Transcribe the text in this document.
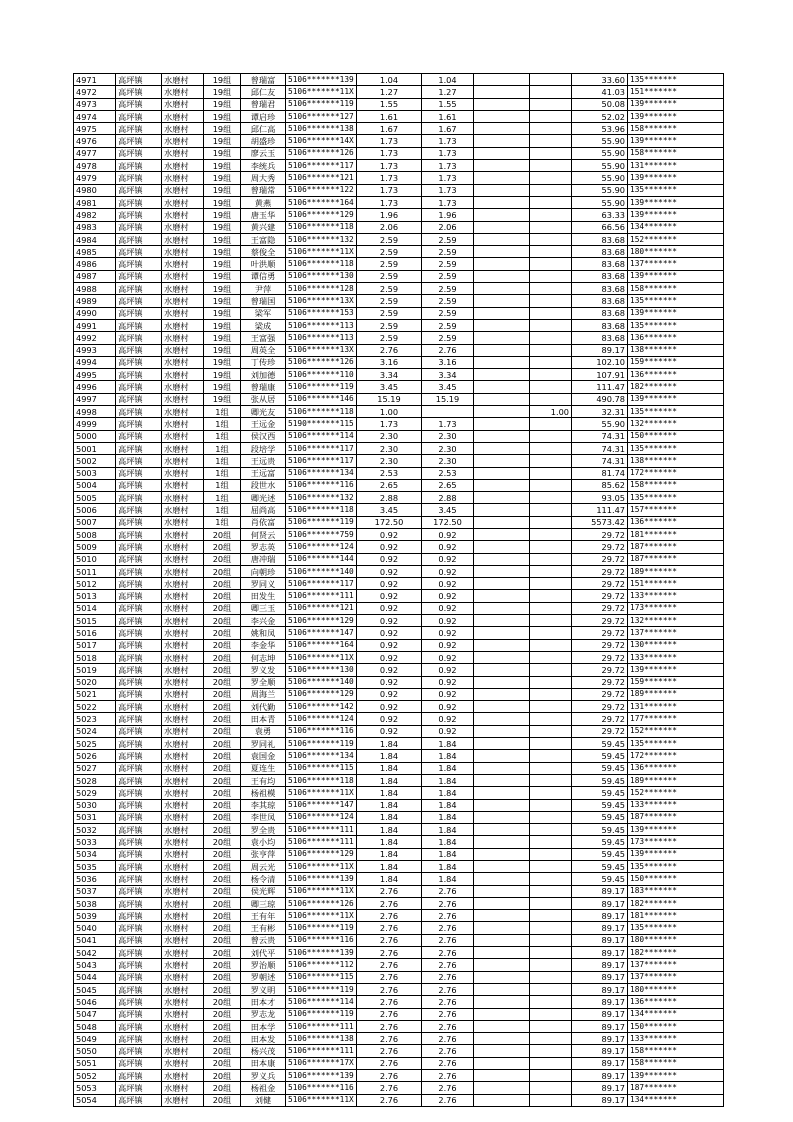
4971	高坪镇	水磨村	19组	曾瑞富	5106*******139	1.04	1.04			33.60	135*******
4972	高坪镇	水磨村	19组	邱仁友	5106*******11X	1.27	1.27			41.03	151*******
4973	高坪镇	水磨村	19组	曾瑞君	5106*******119	1.55	1.55			50.08	139*******
4974	高坪镇	水磨村	19组	谭启珍	5106*******127	1.61	1.61			52.02	139*******
4975	高坪镇	水磨村	19组	邱仁高	5106*******138	1.67	1.67			53.96	158*******
4976	高坪镇	水磨村	19组	胡盛珍	5106*******14X	1.73	1.73			55.90	139*******
4977	高坪镇	水磨村	19组	廖云玉	5106*******126	1.73	1.73			55.90	158*******
4978	高坪镇	水磨村	19组	李统兵	5106*******117	1.73	1.73			55.90	131*******
4979	高坪镇	水磨村	19组	周大秀	5106*******121	1.73	1.73			55.90	139*******
4980	高坪镇	水磨村	19组	曾瑞常	5106*******122	1.73	1.73			55.90	135*******
4981	高坪镇	水磨村	19组	黄燕	5106*******164	1.73	1.73			55.90	139*******
4982	高坪镇	水磨村	19组	唐玉华	5106*******129	1.96	1.96			63.33	139*******
4983	高坪镇	水磨村	19组	黄兴建	5106*******118	2.06	2.06			66.56	134*******
4984	高坪镇	水磨村	19组	王富隐	5106*******132	2.59	2.59			83.68	152*******
4985	高坪镇	水磨村	19组	蔡俊全	5106*******11X	2.59	2.59			83.68	180*******
4986	高坪镇	水磨村	19组	叶洪顺	5106*******118	2.59	2.59			83.68	137*******
4987	高坪镇	水磨村	19组	谭信勇	5106*******130	2.59	2.59			83.68	139*******
4988	高坪镇	水磨村	19组	尹萍	5106*******128	2.59	2.59			83.68	158*******
4989	高坪镇	水磨村	19组	曾瑞国	5106*******13X	2.59	2.59			83.68	135*******
4990	高坪镇	水磨村	19组	梁军	5106*******153	2.59	2.59			83.68	139*******
4991	高坪镇	水磨村	19组	梁成	5106*******113	2.59	2.59			83.68	135*******
4992	高坪镇	水磨村	19组	王富强	5106*******113	2.59	2.59			83.68	136*******
4993	高坪镇	水磨村	19组	周英全	5106*******13X	2.76	2.76			89.17	138*******
4994	高坪镇	水磨村	19组	丁传珍	5106*******126	3.16	3.16			102.10	159*******
4995	高坪镇	水磨村	19组	刘加德	5106*******110	3.34	3.34			107.91	136*******
4996	高坪镇	水磨村	19组	曾瑞康	5106*******119	3.45	3.45			111.47	182*******
4997	高坪镇	水磨村	19组	张从居	5106*******146	15.19	15.19			490.78	139*******
4998	高坪镇	水磨村	1组	卿光友	5106*******118	1.00			1.00	32.31	135*******
4999	高坪镇	水磨村	1组	王远金	5190*******115	1.73	1.73			55.90	132*******
5000	高坪镇	水磨村	1组	侯汉西	5106*******114	2.30	2.30			74.31	150*******
5001	高坪镇	水磨村	1组	段培学	5106*******117	2.30	2.30			74.31	135*******
5002	高坪镇	水磨村	1组	王远贵	5106*******117	2.30	2.30			74.31	138*******
5003	高坪镇	水磨村	1组	王远富	5106*******134	2.53	2.53			81.74	172*******
5004	高坪镇	水磨村	1组	段世水	5106*******116	2.65	2.65			85.62	158*******
5005	高坪镇	水磨村	1组	卿光述	5106*******132	2.88	2.88			93.05	135*******
5006	高坪镇	水磨村	1组	屈尚高	5106*******118	3.45	3.45			111.47	157*******
5007	高坪镇	水磨村	1组	肖依富	5106*******119	172.50	172.50			5573.42	136*******
5008	高坪镇	水磨村	20组	何贤云	5106*******759	0.92	0.92			29.72	181*******
5009	高坪镇	水磨村	20组	罗志英	5106*******124	0.92	0.92			29.72	187*******
5010	高坪镇	水磨村	20组	唐冲瑞	5106*******144	0.92	0.92			29.72	187*******
5011	高坪镇	水磨村	20组	向朝珍	5106*******140	0.92	0.92			29.72	189*******
5012	高坪镇	水磨村	20组	罗同义	5106*******117	0.92	0.92			29.72	151*******
5013	高坪镇	水磨村	20组	田发生	5106*******111	0.92	0.92			29.72	133*******
5014	高坪镇	水磨村	20组	卿三玉	5106*******121	0.92	0.92			29.72	173*******
5015	高坪镇	水磨村	20组	李兴金	5106*******129	0.92	0.92			29.72	132*******
5016	高坪镇	水磨村	20组	姚和凤	5106*******147	0.92	0.92			29.72	137*******
5017	高坪镇	水磨村	20组	李金华	5106*******164	0.92	0.92			29.72	130*******
5018	高坪镇	水磨村	20组	何志坤	5106*******11X	0.92	0.92			29.72	133*******
5019	高坪镇	水磨村	20组	罗义发	5106*******130	0.92	0.92			29.72	139*******
5020	高坪镇	水磨村	20组	罗全顺	5106*******140	0.92	0.92			29.72	159*******
5021	高坪镇	水磨村	20组	周海兰	5106*******129	0.92	0.92			29.72	189*******
5022	高坪镇	水磨村	20组	刘代勤	5106*******142	0.92	0.92			29.72	131*******
5023	高坪镇	水磨村	20组	田本青	5106*******124	0.92	0.92			29.72	177*******
5024	高坪镇	水磨村	20组	袁勇	5106*******116	0.92	0.92			29.72	152*******
5025	高坪镇	水磨村	20组	罗同礼	5106*******119	1.84	1.84			59.45	135*******
5026	高坪镇	水磨村	20组	袁国金	5106*******134	1.84	1.84			59.45	172*******
5027	高坪镇	水磨村	20组	夏连生	5106*******115	1.84	1.84			59.45	136*******
5028	高坪镇	水磨村	20组	王有均	5106*******118	1.84	1.84			59.45	189*******
5029	高坪镇	水磨村	20组	杨祖模	5106*******11X	1.84	1.84			59.45	152*******
5030	高坪镇	水磨村	20组	李其琼	5106*******147	1.84	1.84			59.45	133*******
5031	高坪镇	水磨村	20组	李世凤	5106*******124	1.84	1.84			59.45	187*******
5032	高坪镇	水磨村	20组	罗全贵	5106*******111	1.84	1.84			59.45	139*******
5033	高坪镇	水磨村	20组	袁小均	5106*******111	1.84	1.84			59.45	173*******
5034	高坪镇	水磨村	20组	张亨萍	5106*******129	1.84	1.84			59.45	139*******
5035	高坪镇	水磨村	20组	周云光	5106*******11X	1.84	1.84			59.45	135*******
5036	高坪镇	水磨村	20组	杨令清	5106*******139	1.84	1.84			59.45	150*******
5037	高坪镇	水磨村	20组	侯光辉	5106*******11X	2.76	2.76			89.17	183*******
5038	高坪镇	水磨村	20组	卿三琼	5106*******126	2.76	2.76			89.17	182*******
5039	高坪镇	水磨村	20组	王有年	5106*******11X	2.76	2.76			89.17	181*******
5040	高坪镇	水磨村	20组	王有彬	5106*******119	2.76	2.76			89.17	135*******
5041	高坪镇	水磨村	20组	曾云贵	5106*******116	2.76	2.76			89.17	180*******
5042	高坪镇	水磨村	20组	刘代平	5106*******139	2.76	2.76			89.17	182*******
5043	高坪镇	水磨村	20组	罗治顺	5106*******112	2.76	2.76			89.17	137*******
5044	高坪镇	水磨村	20组	罗朝述	5106*******115	2.76	2.76			89.17	137*******
5045	高坪镇	水磨村	20组	罗义明	5106*******119	2.76	2.76			89.17	180*******
5046	高坪镇	水磨村	20组	田本才	5106*******114	2.76	2.76			89.17	136*******
5047	高坪镇	水磨村	20组	罗志龙	5106*******119	2.76	2.76			89.17	134*******
5048	高坪镇	水磨村	20组	田本学	5106*******111	2.76	2.76			89.17	150*******
5049	高坪镇	水磨村	20组	田本发	5106*******138	2.76	2.76			89.17	133*******
5050	高坪镇	水磨村	20组	杨兴茂	5106*******111	2.76	2.76			89.17	158*******
5051	高坪镇	水磨村	20组	田本康	5106*******17X	2.76	2.76			89.17	158*******
5052	高坪镇	水磨村	20组	罗义兵	5106*******139	2.76	2.76			89.17	139*******
5053	高坪镇	水磨村	20组	杨祖金	5106*******116	2.76	2.76			89.17	187*******
5054	高坪镇	水磨村	20组	刘健	5106*******11X	2.76	2.76			89.17	134*******
